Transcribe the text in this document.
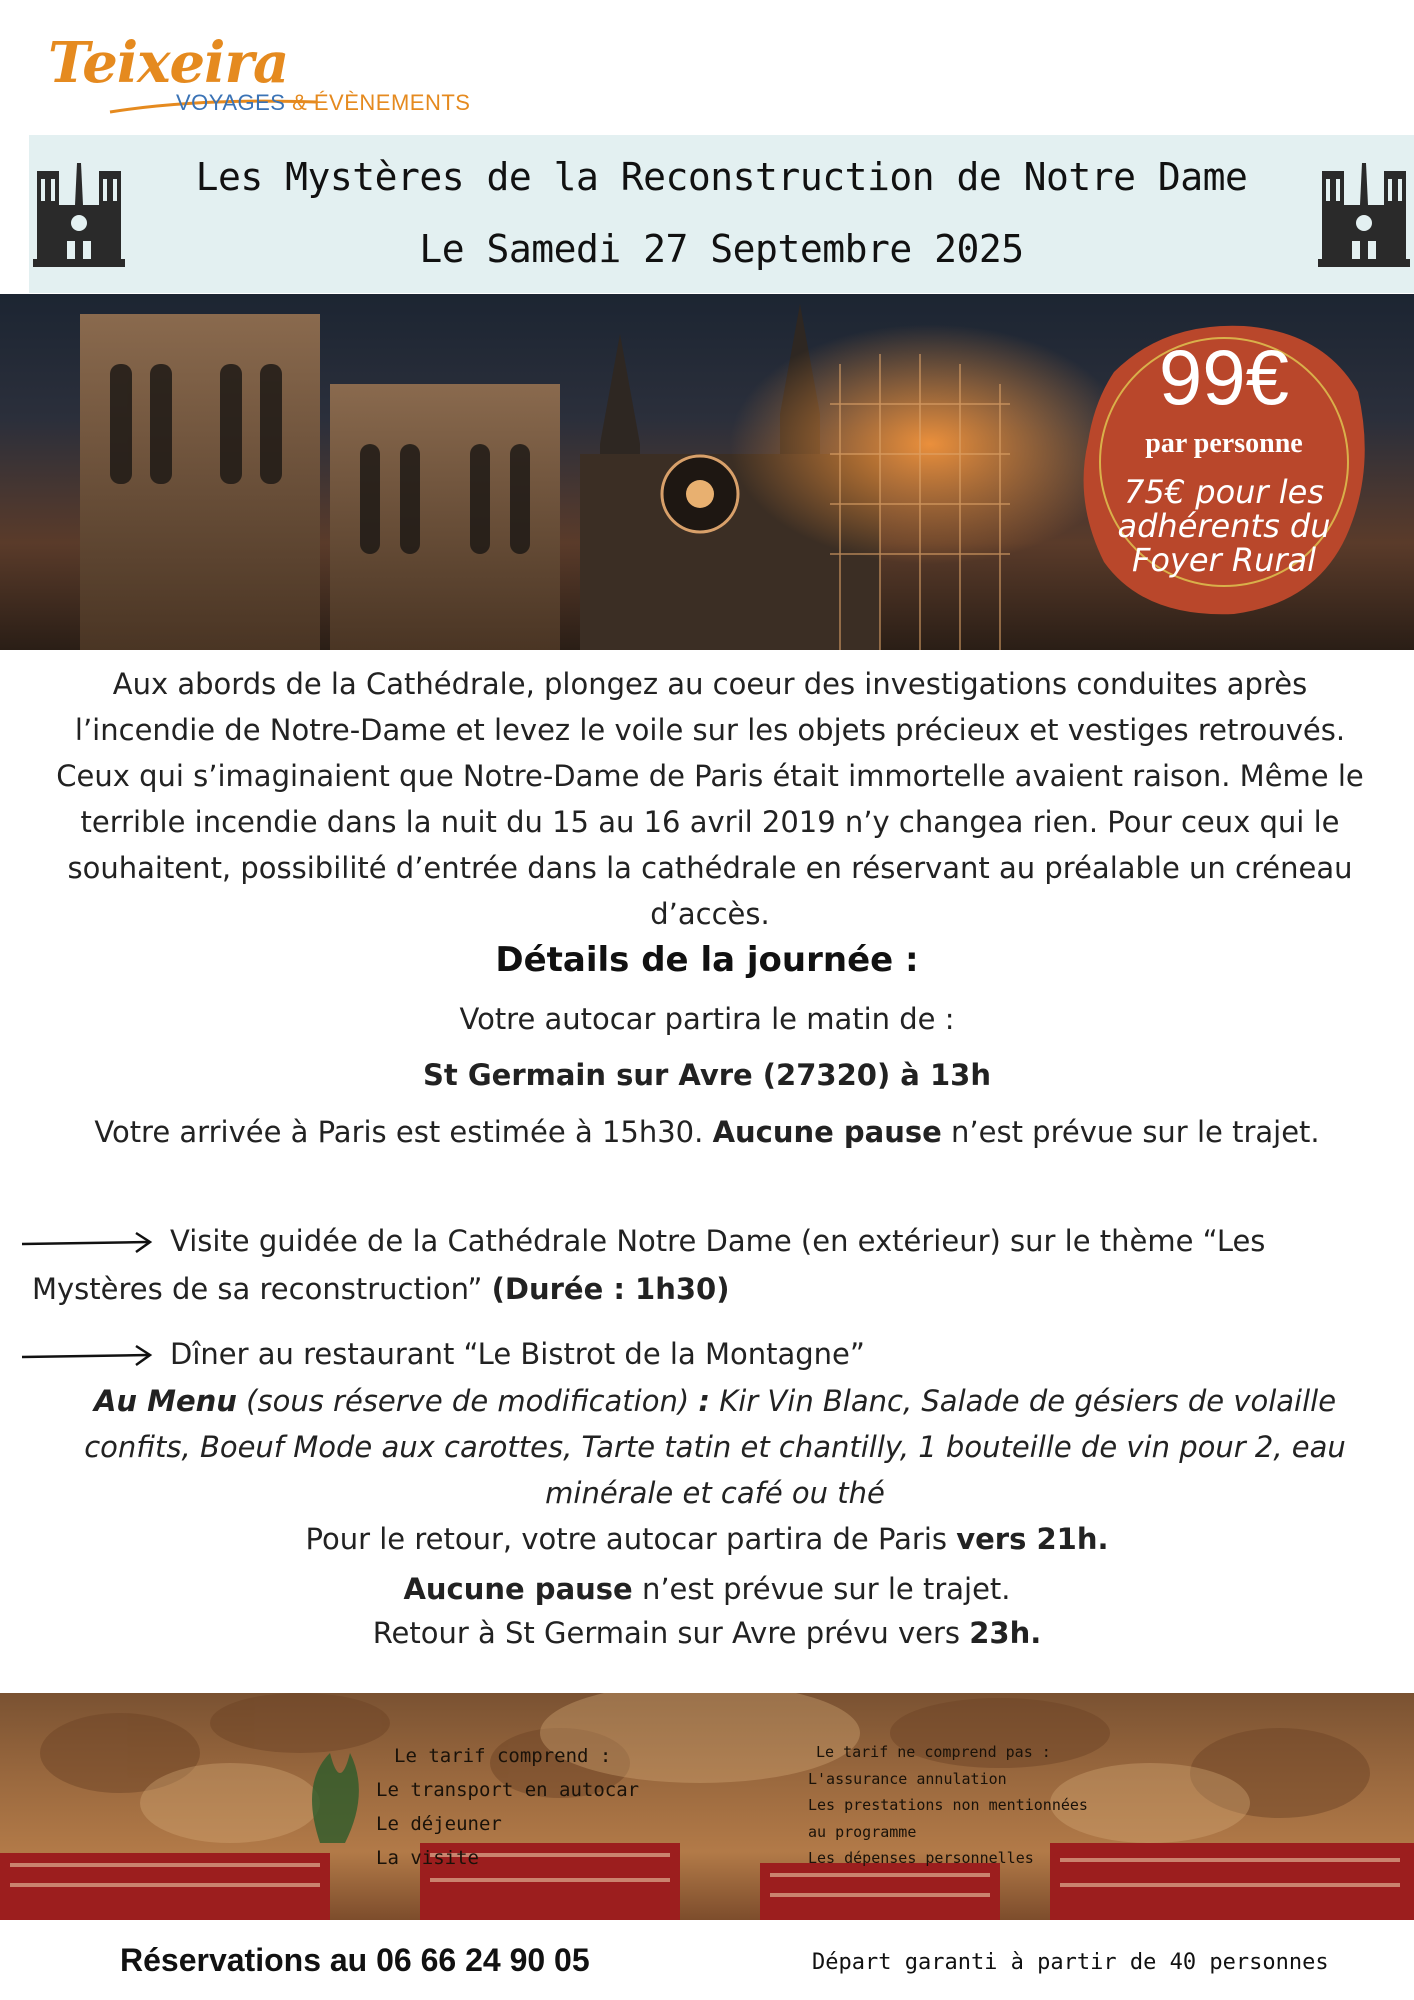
Teixeira
VOYAGES & ÉVÈNEMENTS
Les Mystères de la Reconstruction de Notre Dame
Le Samedi 27 Septembre 2025
99€
par personne
75€ pour les
adhérents du
Foyer Rural
Aux abords de la Cathédrale, plongez au coeur des investigations conduites après l’incendie de Notre-Dame et levez le voile sur les objets précieux et vestiges retrouvés. Ceux qui s’imaginaient que Notre-Dame de Paris était immortelle avaient raison. Même le terrible incendie dans la nuit du 15 au 16 avril 2019 n’y changea rien. Pour ceux qui le souhaitent, possibilité d’entrée dans la cathédrale en réservant au préalable un créneau d’accès.
Détails de la journée :
Votre autocar partira le matin de :
St Germain sur Avre (27320) à 13h
Votre arrivée à Paris est estimée à 15h30. Aucune pause n’est prévue sur le trajet.
Visite guidée de la Cathédrale Notre Dame (en extérieur) sur le thème “Les Mystères de sa reconstruction” (Durée : 1h30)
Dîner au restaurant “Le Bistrot de la Montagne”
Au Menu (sous réserve de modification) : Kir Vin Blanc, Salade de gésiers de volaille confits, Boeuf Mode aux carottes, Tarte tatin et chantilly, 1 bouteille de vin pour 2, eau minérale et café ou thé
Pour le retour, votre autocar partira de Paris vers 21h.
Aucune pause n’est prévue sur le trajet.
Retour à St Germain sur Avre prévu vers 23h.
Le tarif comprend :
Le transport en autocar
Le déjeuner
La visite
Le tarif ne comprend pas :
L'assurance annulation
Les prestations non mentionnées
au programme
Les dépenses personnelles
Réservations au 06 66 24 90 05	Départ garanti à partir de 40 personnes
